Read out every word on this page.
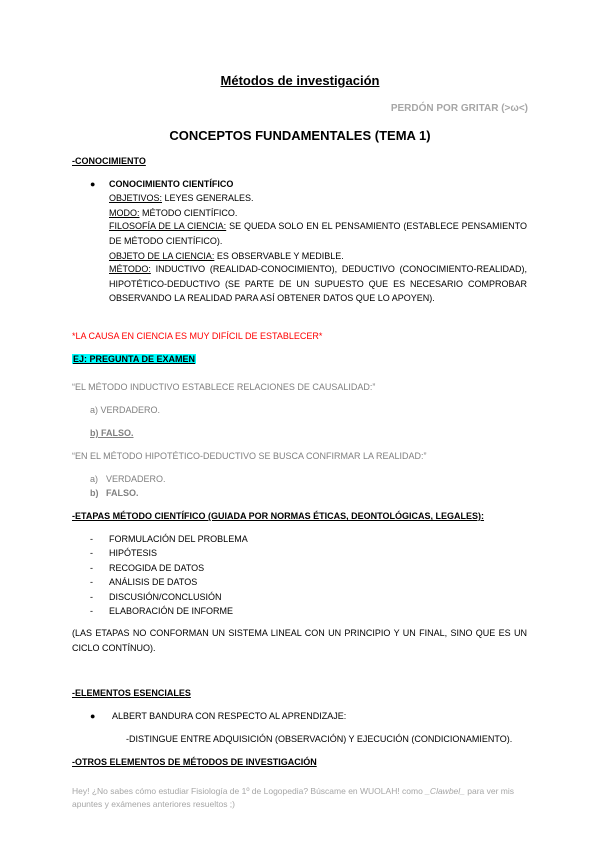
Métodos de investigación
PERDÓN POR GRITAR (>ω<)
CONCEPTOS FUNDAMENTALES (TEMA 1)
-CONOCIMIENTO
● CONOCIMIENTO CIENTÍFICO
OBJETIVOS: LEYES GENERALES.
MODO: MÉTODO CIENTÍFICO.
FILOSOFÍA DE LA CIENCIA: SE QUEDA SOLO EN EL PENSAMIENTO (ESTABLECE PENSAMIENTO DE MÉTODO CIENTÍFICO).
OBJETO DE LA CIENCIA: ES OBSERVABLE Y MEDIBLE.
MÉTODO: INDUCTIVO (REALIDAD-CONOCIMIENTO), DEDUCTIVO (CONOCIMIENTO-REALIDAD), HIPOTÉTICO-DEDUCTIVO (SE PARTE DE UN SUPUESTO QUE ES NECESARIO COMPROBAR OBSERVANDO LA REALIDAD PARA ASÍ OBTENER DATOS QUE LO APOYEN).
*LA CAUSA EN CIENCIA ES MUY DIFÍCIL DE ESTABLECER*
EJ: PREGUNTA DE EXAMEN
“EL MÉTODO INDUCTIVO ESTABLECE RELACIONES DE CAUSALIDAD:”
a) VERDADERO.
b) FALSO.
“EN EL MÉTODO HIPOTÉTICO-DEDUCTIVO SE BUSCA CONFIRMAR LA REALIDAD:”
a) VERDADERO.
b) FALSO.
-ETAPAS MÉTODO CIENTÍFICO (GUIADA POR NORMAS ÉTICAS, DEONTOLÓGICAS, LEGALES):
- FORMULACIÓN DEL PROBLEMA
- HIPÓTESIS
- RECOGIDA DE DATOS
- ANÁLISIS DE DATOS
- DISCUSIÓN/CONCLUSIÓN
- ELABORACIÓN DE INFORME
(LAS ETAPAS NO CONFORMAN UN SISTEMA LINEAL CON UN PRINCIPIO Y UN FINAL, SINO QUE ES UN CICLO CONTÍNUO).
-ELEMENTOS ESENCIALES
● ALBERT BANDURA CON RESPECTO AL APRENDIZAJE:
-DISTINGUE ENTRE ADQUISICIÓN (OBSERVACIÓN) Y EJECUCIÓN (CONDICIONAMIENTO).
-OTROS ELEMENTOS DE MÉTODOS DE INVESTIGACIÓN
Hey! ¿No sabes cómo estudiar Fisiología de 1º de Logopedia? Búscame en WUOLAH! como _Clawbel_ para ver mis apuntes y exámenes anteriores resueltos ;)
